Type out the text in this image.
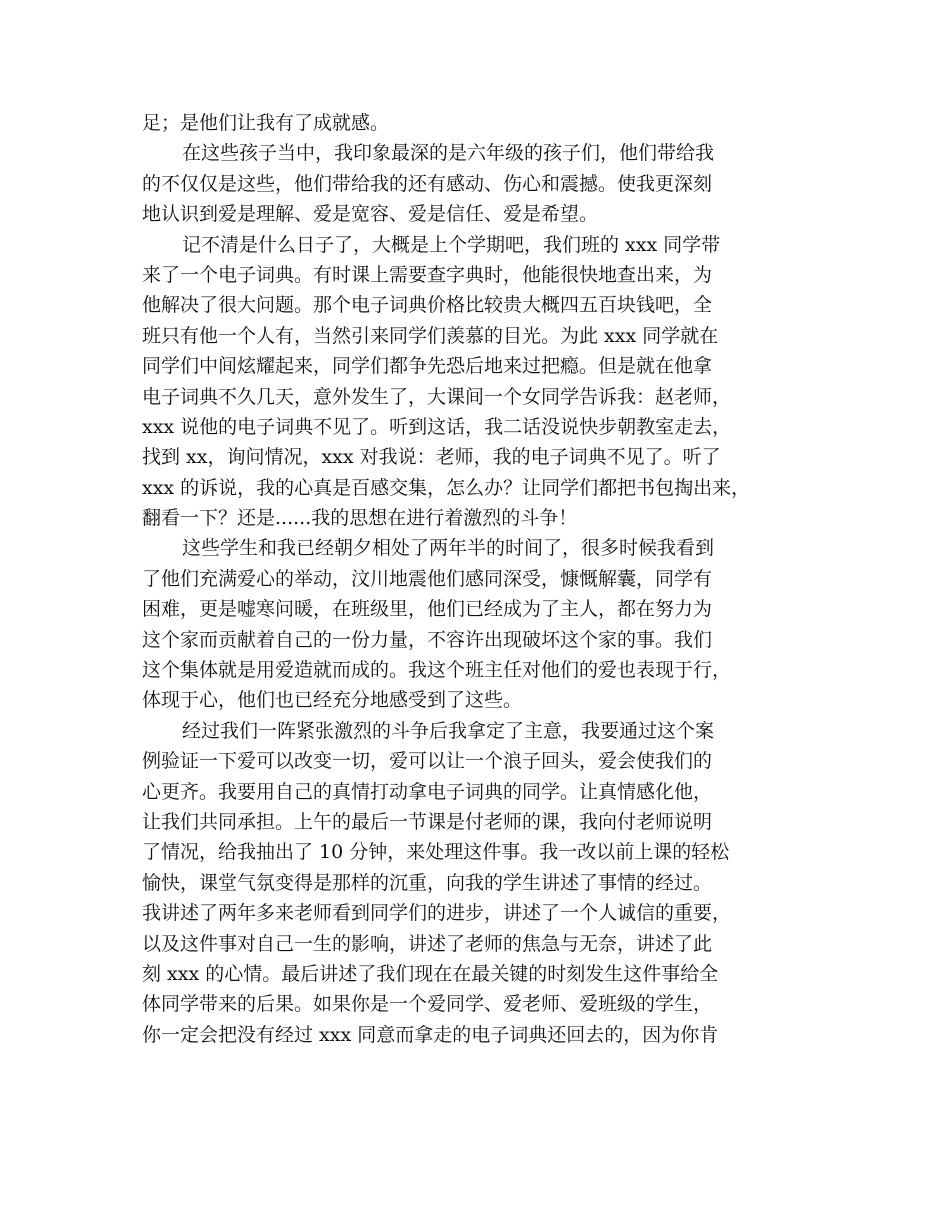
足；是他们让我有了成就感。
在这些孩子当中，我印象最深的是六年级的孩子们，他们带给我
的不仅仅是这些，他们带给我的还有感动、伤心和震撼。使我更深刻
地认识到爱是理解、爱是宽容、爱是信任、爱是希望。
记不清是什么日子了，大概是上个学期吧，我们班的 xxx 同学带
来了一个电子词典。有时课上需要查字典时，他能很快地查出来，为
他解决了很大问题。那个电子词典价格比较贵大概四五百块钱吧，全
班只有他一个人有，当然引来同学们羡慕的目光。为此 xxx 同学就在
同学们中间炫耀起来，同学们都争先恐后地来过把瘾。但是就在他拿
电子词典不久几天，意外发生了，大课间一个女同学告诉我：赵老师，
xxx 说他的电子词典不见了。听到这话，我二话没说快步朝教室走去，
找到 xx，询问情况，xxx 对我说：老师，我的电子词典不见了。听了
xxx 的诉说，我的心真是百感交集，怎么办？让同学们都把书包掏出来，
翻看一下？还是......我的思想在进行着激烈的斗争！
这些学生和我已经朝夕相处了两年半的时间了，很多时候我看到
了他们充满爱心的举动，汶川地震他们感同深受，慷慨解囊，同学有
困难，更是嘘寒问暖，在班级里，他们已经成为了主人，都在努力为
这个家而贡献着自己的一份力量，不容许出现破坏这个家的事。我们
这个集体就是用爱造就而成的。我这个班主任对他们的爱也表现于行，
体现于心，他们也已经充分地感受到了这些。
经过我们一阵紧张激烈的斗争后我拿定了主意，我要通过这个案
例验证一下爱可以改变一切，爱可以让一个浪子回头，爱会使我们的
心更齐。我要用自己的真情打动拿电子词典的同学。让真情感化他，
让我们共同承担。上午的最后一节课是付老师的课，我向付老师说明
了情况，给我抽出了 10 分钟，来处理这件事。我一改以前上课的轻松
愉快，课堂气氛变得是那样的沉重，向我的学生讲述了事情的经过。
我讲述了两年多来老师看到同学们的进步，讲述了一个人诚信的重要，
以及这件事对自己一生的影响，讲述了老师的焦急与无奈，讲述了此
刻 xxx 的心情。最后讲述了我们现在在最关键的时刻发生这件事给全
体同学带来的后果。如果你是一个爱同学、爱老师、爱班级的学生，
你一定会把没有经过 xxx 同意而拿走的电子词典还回去的，因为你肯
